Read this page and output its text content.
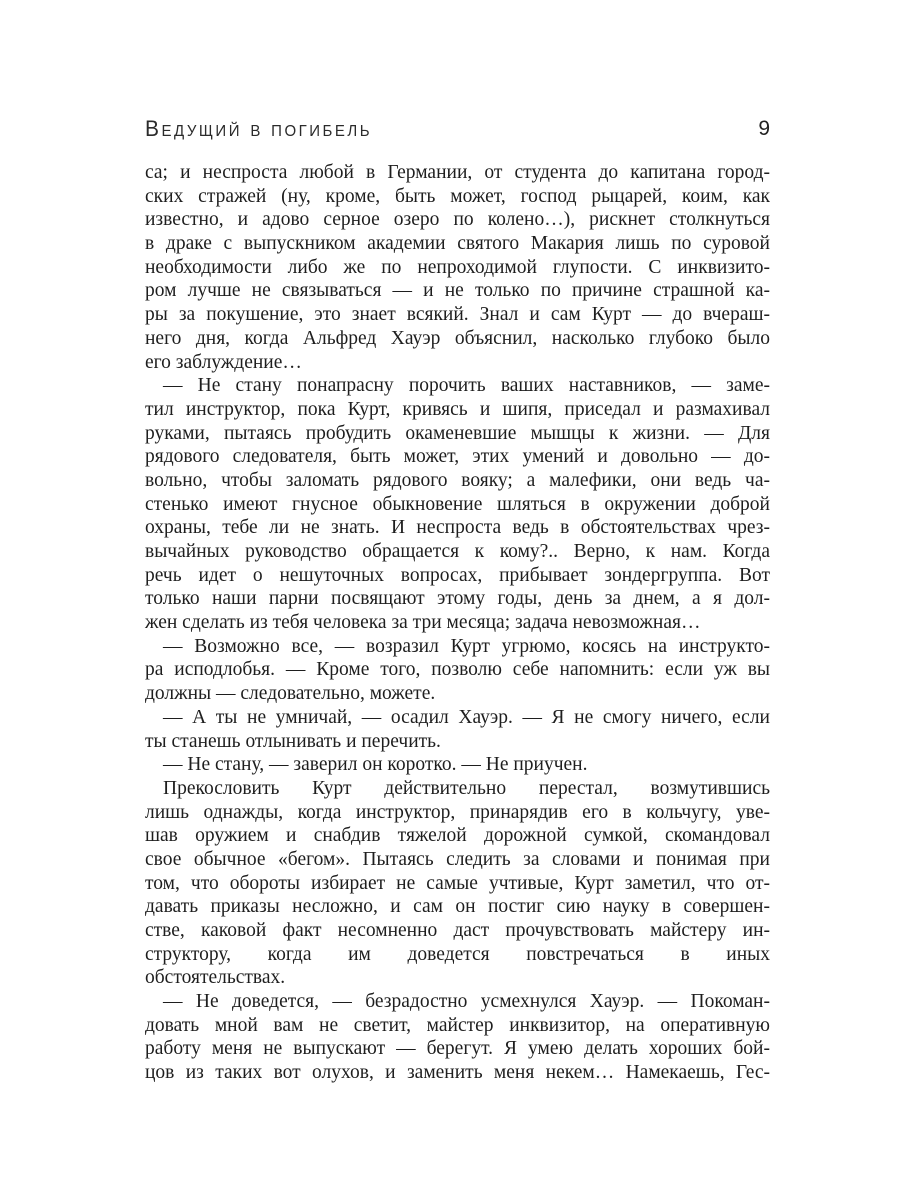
Ведущий в погибель	9
са; и неспроста любой в Германии, от студента до капитана город-
ских стражей (ну, кроме, быть может, господ рыцарей, коим, как
известно, и адово серное озеро по колено…), рискнет столкнуться
в драке с выпускником академии святого Макария лишь по суровой
необходимости либо же по непроходимой глупости. С инквизито-
ром лучше не связываться — и не только по причине страшной ка-
ры за покушение, это знает всякий. Знал и сам Курт — до вчераш-
него дня, когда Альфред Хауэр объяснил, насколько глубоко было
его заблуждение…
— Не стану понапрасну порочить ваших наставников, — заме-
тил инструктор, пока Курт, кривясь и шипя, приседал и размахивал
руками, пытаясь пробудить окаменевшие мышцы к жизни. — Для
рядового следователя, быть может, этих умений и довольно — до-
вольно, чтобы заломать рядового вояку; а малефики, они ведь ча-
стенько имеют гнусное обыкновение шляться в окружении доброй
охраны, тебе ли не знать. И неспроста ведь в обстоятельствах чрез-
вычайных руководство обращается к кому?.. Верно, к нам. Когда
речь идет о нешуточных вопросах, прибывает зондергруппа. Вот
только наши парни посвящают этому годы, день за днем, а я дол-
жен сделать из тебя человека за три месяца; задача невозможная…
— Возможно все, — возразил Курт угрюмо, косясь на инструкто-
ра исподлобья. — Кроме того, позволю себе напомнить: если уж вы
должны — следовательно, можете.
— А ты не умничай, — осадил Хауэр. — Я не смогу ничего, если
ты станешь отлынивать и перечить.
— Не стану, — заверил он коротко. — Не приучен.
Прекословить Курт действительно перестал, возмутившись
лишь однажды, когда инструктор, принарядив его в кольчугу, уве-
шав оружием и снабдив тяжелой дорожной сумкой, скомандовал
свое обычное «бегом». Пытаясь следить за словами и понимая при
том, что обороты избирает не самые учтивые, Курт заметил, что от-
давать приказы несложно, и сам он постиг сию науку в совершен-
стве, каковой факт несомненно даст прочувствовать майстеру ин-
структору, когда им доведется повстречаться в иных
обстоятельствах.
— Не доведется, — безрадостно усмехнулся Хауэр. — Покоман-
довать мной вам не светит, майстер инквизитор, на оперативную
работу меня не выпускают — берегут. Я умею делать хороших бой-
цов из таких вот олухов, и заменить меня некем… Намекаешь, Гес-
